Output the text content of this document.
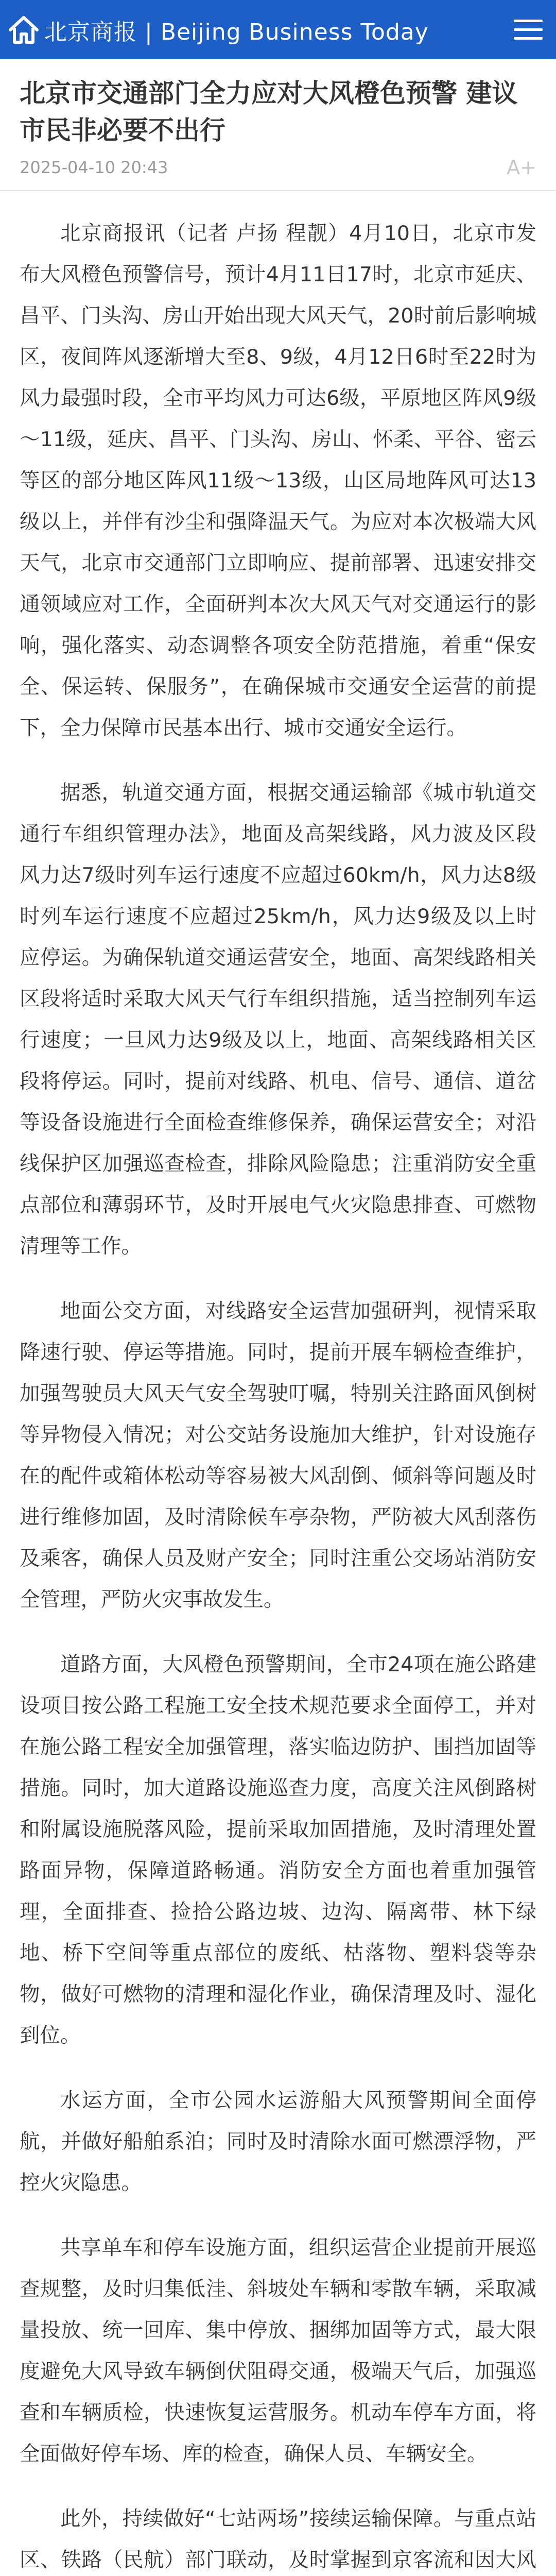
北京商报 | Beijing Business Today
北京市交通部门全力应对大风橙色预警 建议市民非必要不出行
2025-04-10 20:43	A+

北京商报讯（记者 卢扬 程靓）4月10日，北京市发布大风橙色预警信号，预计4月11日17时，北京市延庆、昌平、门头沟、房山开始出现大风天气，20时前后影响城区，夜间阵风逐渐增大至8、9级，4月12日6时至22时为风力最强时段，全市平均风力可达6级，平原地区阵风9级～11级，延庆、昌平、门头沟、房山、怀柔、平谷、密云等区的部分地区阵风11级～13级，山区局地阵风可达13级以上，并伴有沙尘和强降温天气。为应对本次极端大风天气，北京市交通部门立即响应、提前部署、迅速安排交通领域应对工作，全面研判本次大风天气对交通运行的影响，强化落实、动态调整各项安全防范措施，着重“保安全、保运转、保服务”，在确保城市交通安全运营的前提下，全力保障市民基本出行、城市交通安全运行。

据悉，轨道交通方面，根据交通运输部《城市轨道交通行车组织管理办法》，地面及高架线路，风力波及区段风力达7级时列车运行速度不应超过60km/h，风力达8级时列车运行速度不应超过25km/h，风力达9级及以上时应停运。为确保轨道交通运营安全，地面、高架线路相关区段将适时采取大风天气行车组织措施，适当控制列车运行速度；一旦风力达9级及以上，地面、高架线路相关区段将停运。同时，提前对线路、机电、信号、通信、道岔等设备设施进行全面检查维修保养，确保运营安全；对沿线保护区加强巡查检查，排除风险隐患；注重消防安全重点部位和薄弱环节，及时开展电气火灾隐患排查、可燃物清理等工作。

地面公交方面，对线路安全运营加强研判，视情采取降速行驶、停运等措施。同时，提前开展车辆检查维护，加强驾驶员大风天气安全驾驶叮嘱，特别关注路面风倒树等异物侵入情况；对公交站务设施加大维护，针对设施存在的配件或箱体松动等容易被大风刮倒、倾斜等问题及时进行维修加固，及时清除候车亭杂物，严防被大风刮落伤及乘客，确保人员及财产安全；同时注重公交场站消防安全管理，严防火灾事故发生。

道路方面，大风橙色预警期间，全市24项在施公路建设项目按公路工程施工安全技术规范要求全面停工，并对在施公路工程安全加强管理，落实临边防护、围挡加固等措施。同时，加大道路设施巡查力度，高度关注风倒路树和附属设施脱落风险，提前采取加固措施，及时清理处置路面异物，保障道路畅通。消防安全方面也着重加强管理，全面排查、捡拾公路边坡、边沟、隔离带、林下绿地、桥下空间等重点部位的废纸、枯落物、塑料袋等杂物，做好可燃物的清理和湿化作业，确保清理及时、湿化到位。

水运方面，全市公园水运游船大风预警期间全面停航，并做好船舶系泊；同时及时清除水面可燃漂浮物，严控火灾隐患。

共享单车和停车设施方面，组织运营企业提前开展巡查规整，及时归集低洼、斜坡处车辆和零散车辆，采取减量投放、统一回库、集中停放、捆绑加固等方式，最大限度避免大风导致车辆倒伏阻碍交通，极端天气后，加强巡查和车辆质检，快速恢复运营服务。机动车停车方面，将全面做好停车场、库的检查，确保人员、车辆安全。

此外，持续做好“七站两场”接续运输保障。与重点站区、铁路（民航）部门联动，及时掌握到京客流和因大风
